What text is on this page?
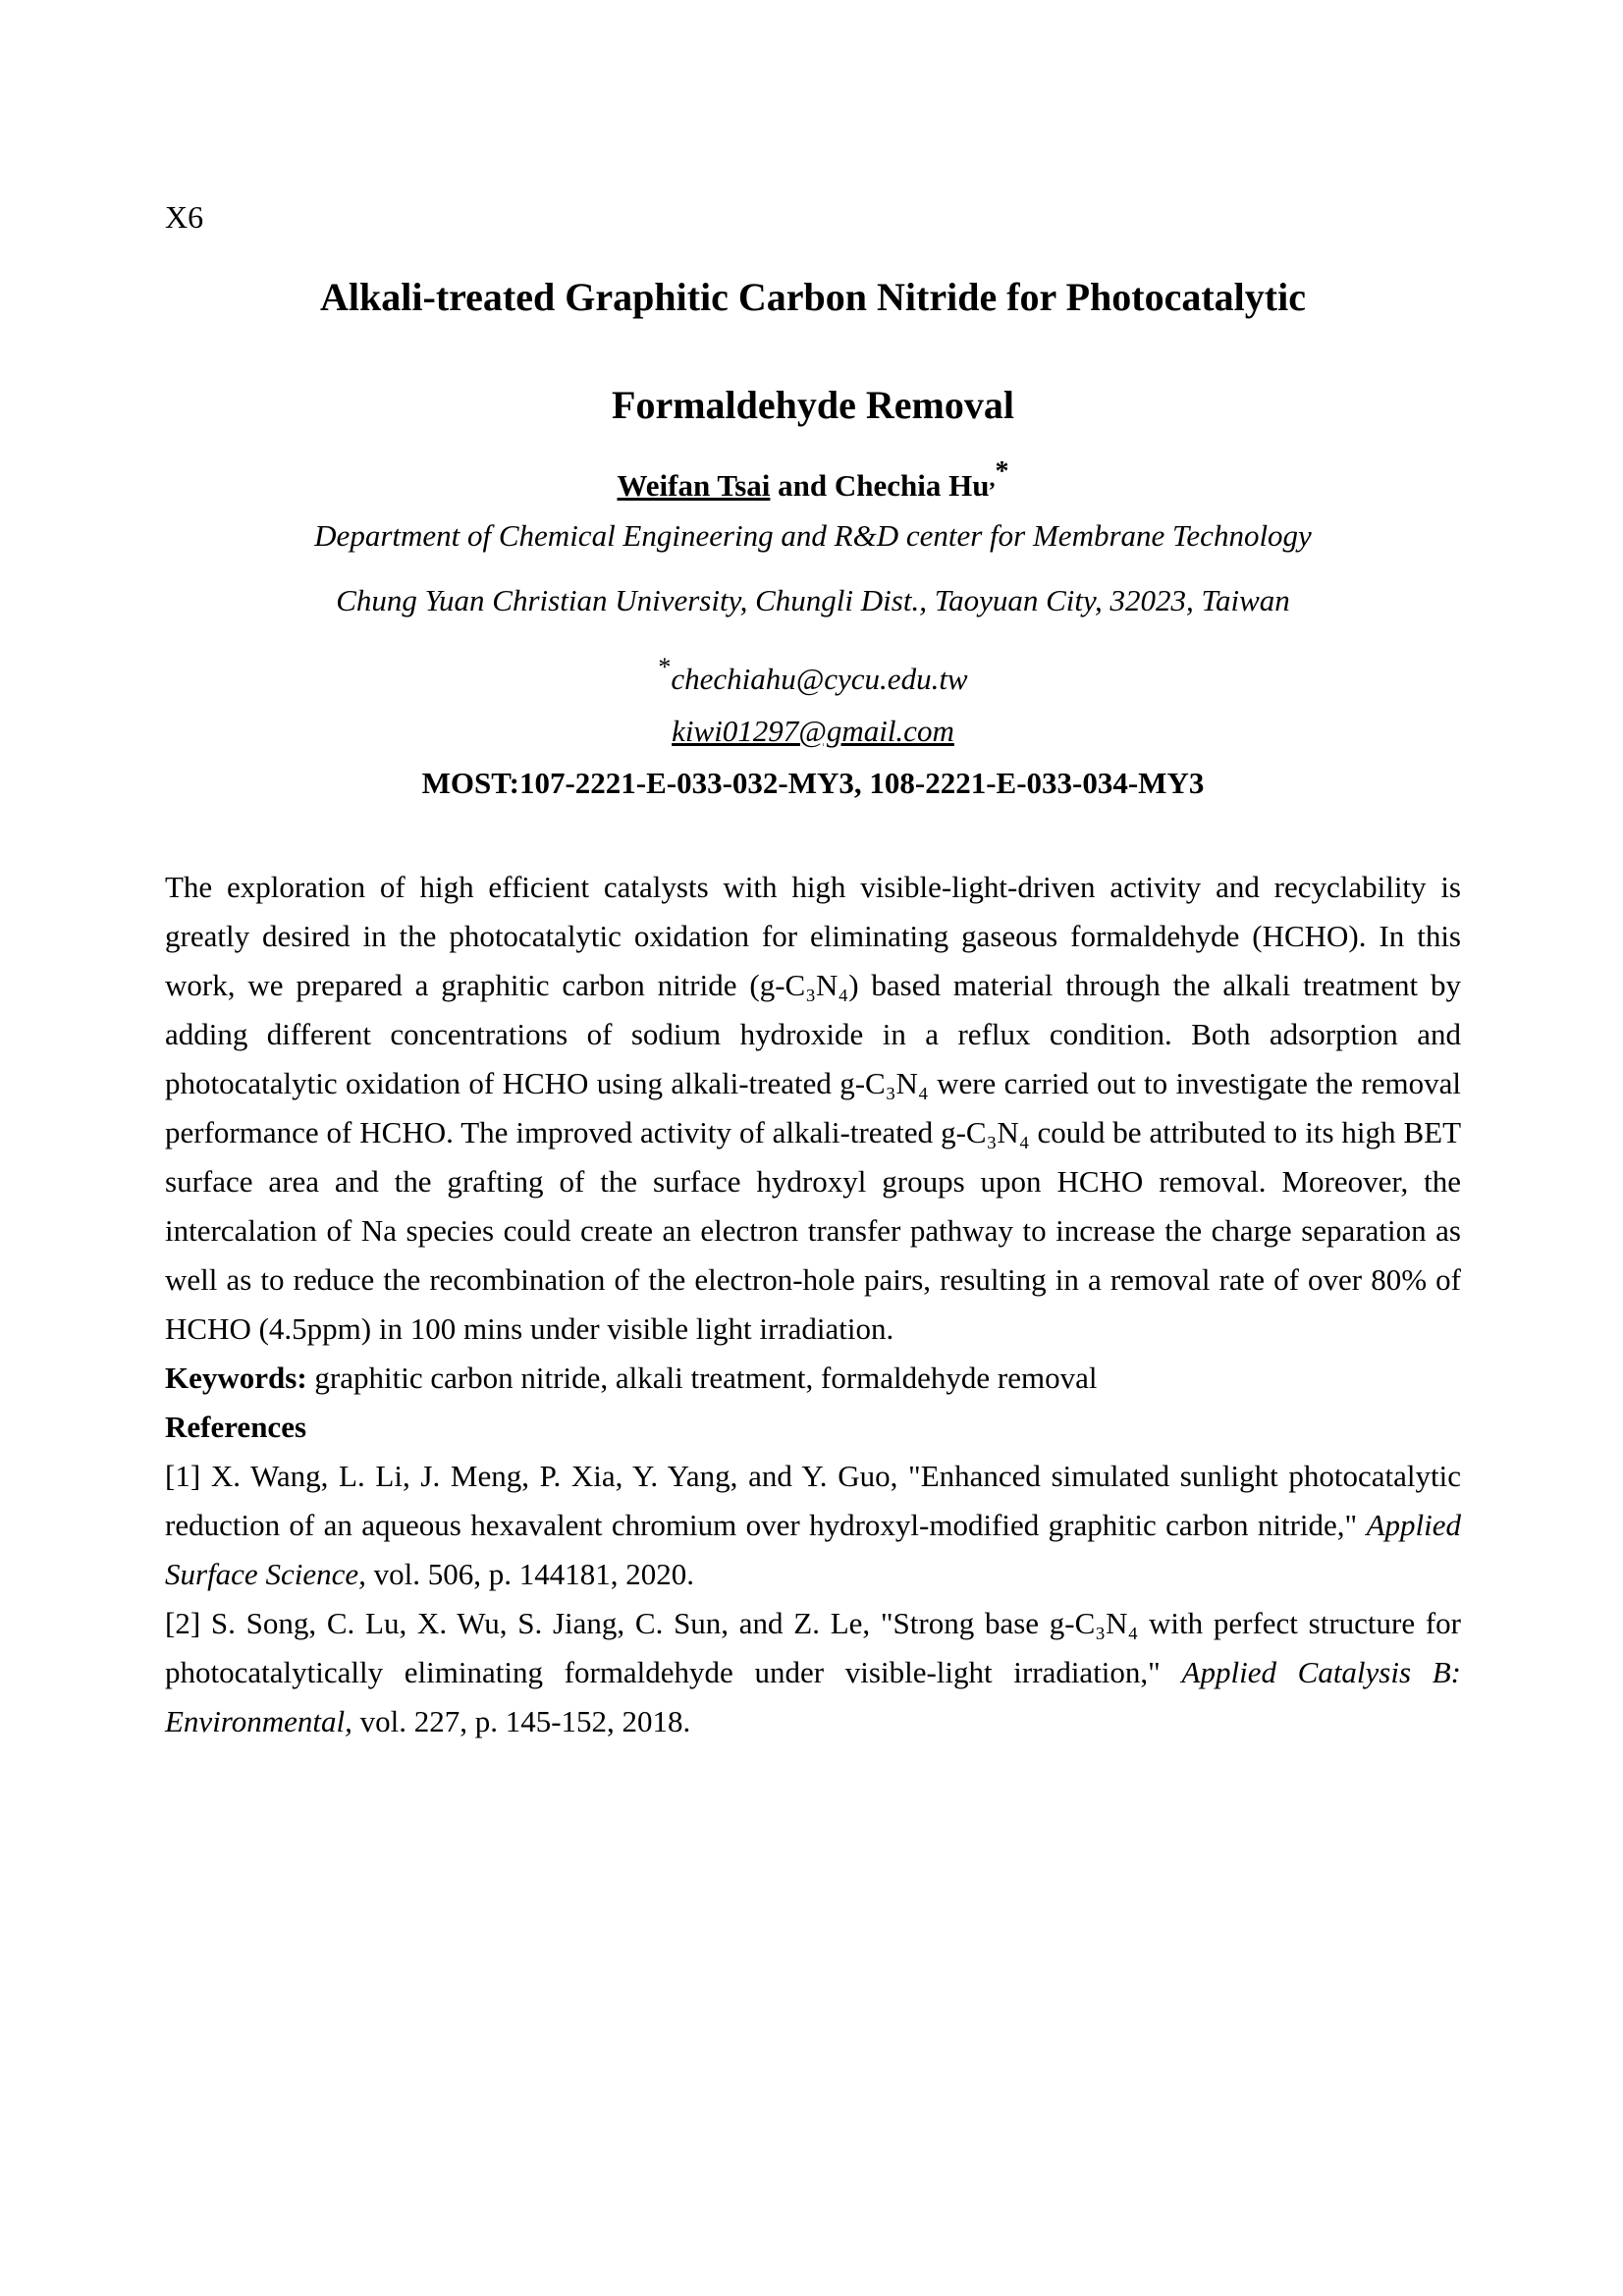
X6
Alkali-treated Graphitic Carbon Nitride for Photocatalytic
Formaldehyde Removal
Weifan Tsai and Chechia Hu,*
Department of Chemical Engineering and R&D center for Membrane Technology
Chung Yuan Christian University, Chungli Dist., Taoyuan City, 32023, Taiwan
*chechiahu@cycu.edu.tw
kiwi01297@gmail.com
MOST:107-2221-E-033-032-MY3, 108-2221-E-033-034-MY3
The exploration of high efficient catalysts with high visible-light-driven activity and recyclability is greatly desired in the photocatalytic oxidation for eliminating gaseous formaldehyde (HCHO). In this work, we prepared a graphitic carbon nitride (g-C₃N₄) based material through the alkali treatment by adding different concentrations of sodium hydroxide in a reflux condition. Both adsorption and photocatalytic oxidation of HCHO using alkali-treated g-C₃N₄ were carried out to investigate the removal performance of HCHO. The improved activity of alkali-treated g-C₃N₄ could be attributed to its high BET surface area and the grafting of the surface hydroxyl groups upon HCHO removal. Moreover, the intercalation of Na species could create an electron transfer pathway to increase the charge separation as well as to reduce the recombination of the electron-hole pairs, resulting in a removal rate of over 80% of HCHO (4.5ppm) in 100 mins under visible light irradiation.
Keywords: graphitic carbon nitride, alkali treatment, formaldehyde removal
References
[1] X. Wang, L. Li, J. Meng, P. Xia, Y. Yang, and Y. Guo, "Enhanced simulated sunlight photocatalytic reduction of an aqueous hexavalent chromium over hydroxyl-modified graphitic carbon nitride," Applied Surface Science, vol. 506, p. 144181, 2020.
[2] S. Song, C. Lu, X. Wu, S. Jiang, C. Sun, and Z. Le, "Strong base g-C₃N₄ with perfect structure for photocatalytically eliminating formaldehyde under visible-light irradiation," Applied Catalysis B: Environmental, vol. 227, p. 145-152, 2018.
